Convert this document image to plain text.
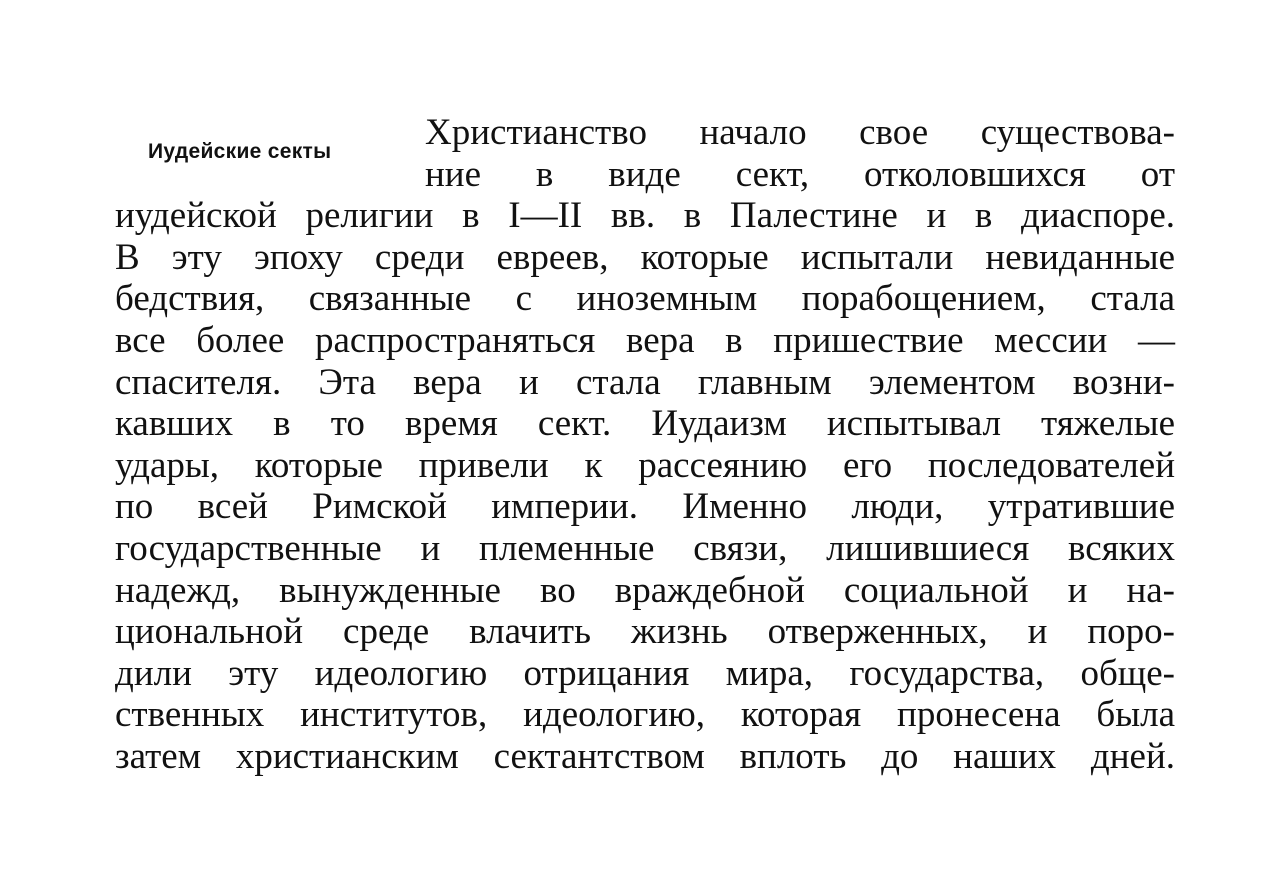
Иудейские секты	Христианство начало свое существова-
ние в виде сект, отколовшихся от
иудейской религии в I—II вв. в Палестине и в диаспоре.
В эту эпоху среди евреев, которые испытали невиданные
бедствия, связанные с иноземным порабощением, стала
все более распространяться вера в пришествие мессии —
спасителя. Эта вера и стала главным элементом возни-
кавших в то время сект. Иудаизм испытывал тяжелые
удары, которые привели к рассеянию его последователей
по всей Римской империи. Именно люди, утратившие
государственные и племенные связи, лишившиеся всяких
надежд, вынужденные во враждебной социальной и на-
циональной среде влачить жизнь отверженных, и поро-
дили эту идеологию отрицания мира, государства, обще-
ственных институтов, идеологию, которая пронесена была
затем христианским сектантством вплоть до наших дней.
